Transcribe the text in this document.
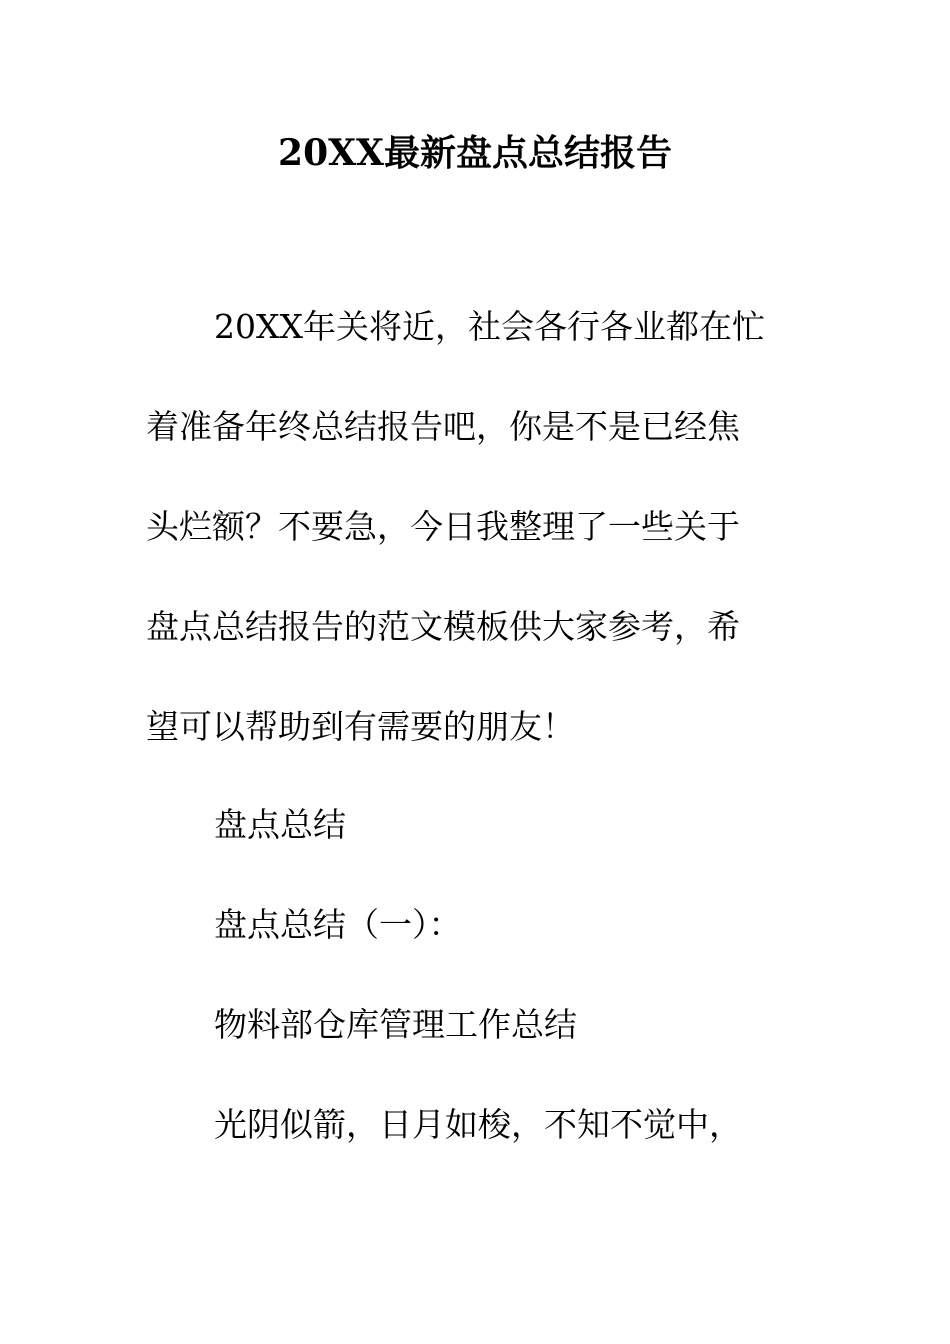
20XX最新盘点总结报告
20XX年关将近，社会各行各业都在忙
着准备年终总结报告吧，你是不是已经焦
头烂额？不要急，今日我整理了一些关于
盘点总结报告的范文模板供大家参考，希
望可以帮助到有需要的朋友！
盘点总结
盘点总结（一）：
物料部仓库管理工作总结
光阴似箭，日月如梭，不知不觉中，
